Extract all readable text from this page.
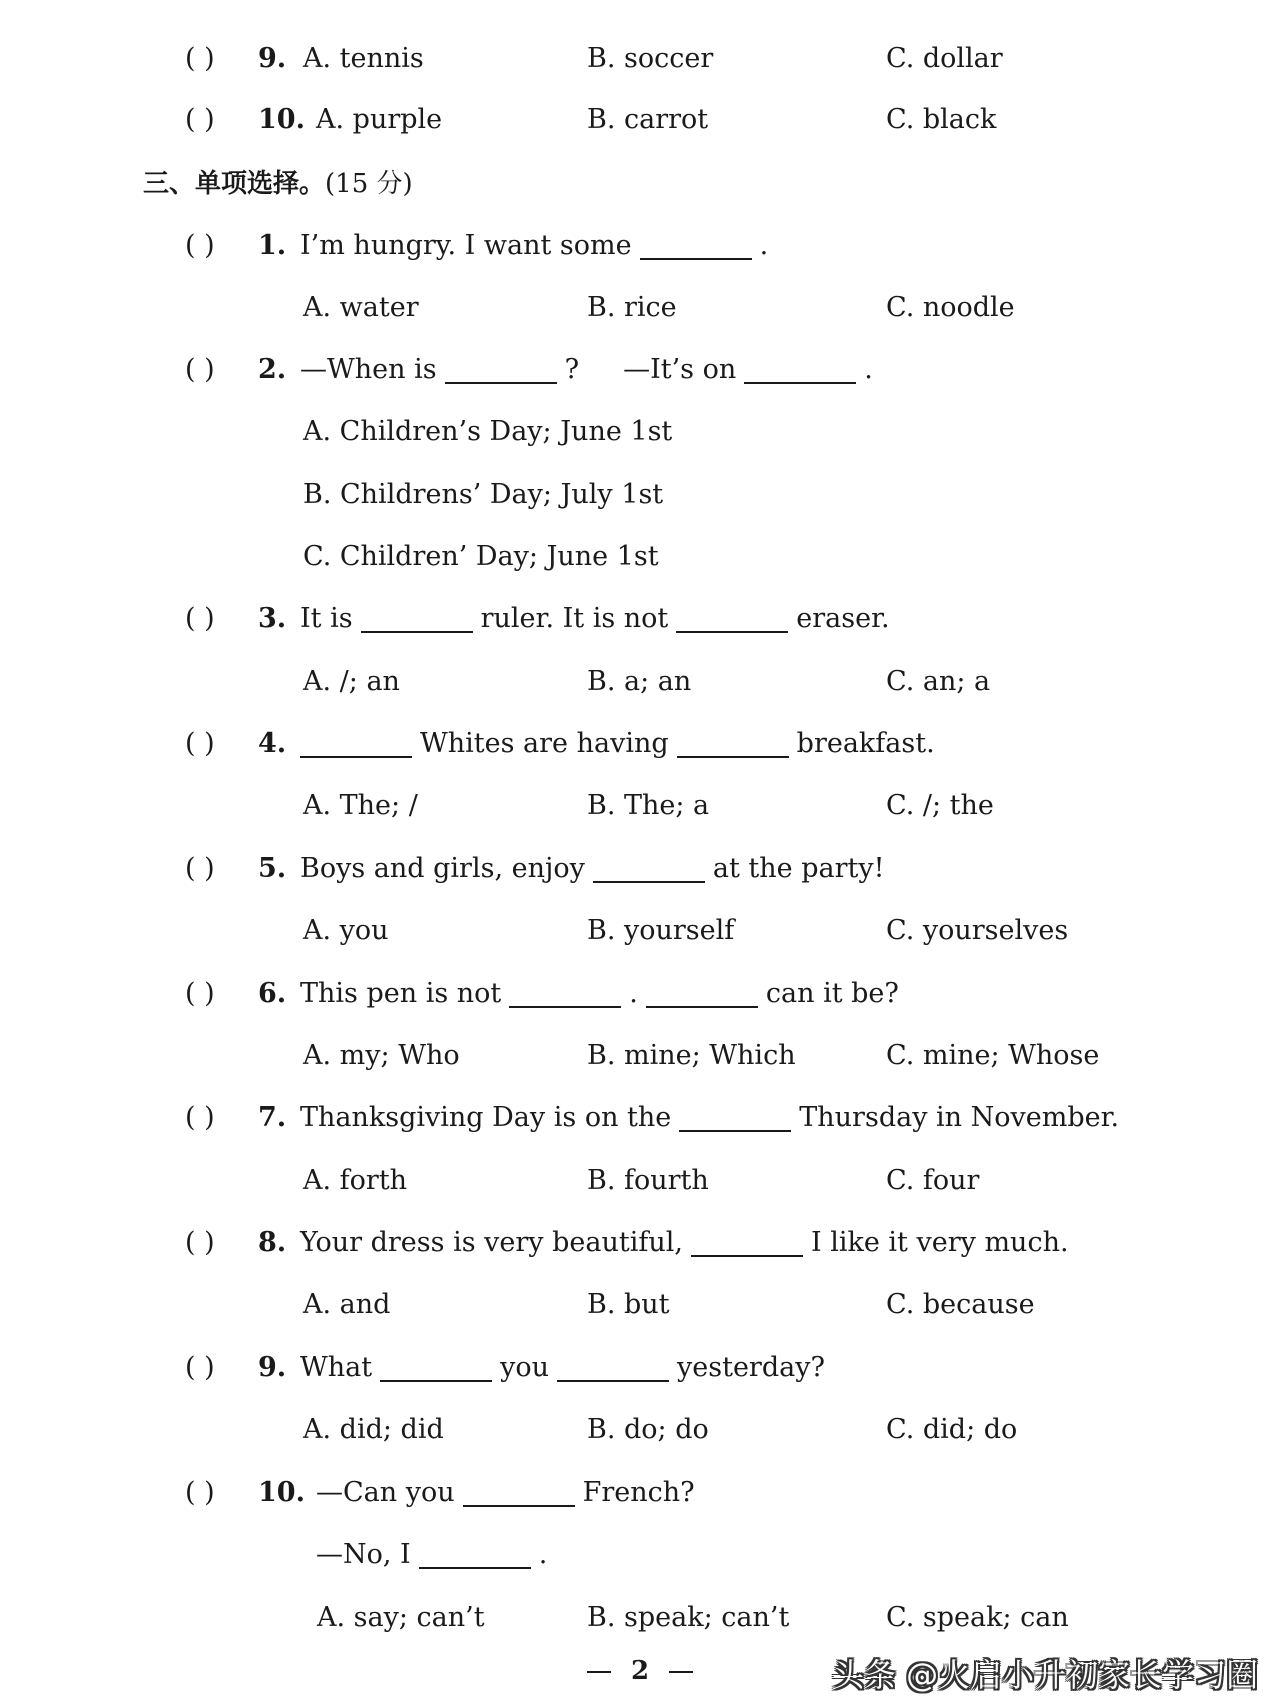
( ) 9. A. tennis	B. soccer	C. dollar
( ) 10. A. purple	B. carrot	C. black
三、单项选择。(15 分)
( ) 1. I’m hungry. I want some	.
A. water	B. rice	C. noodle
( ) 2. —When is	? —It’s on	.
A. Children’s Day; June 1st
B. Childrens’ Day; July 1st
C. Children’ Day; June 1st
( ) 3. It is	ruler. It is not	eraser.
A. /; an	B. a; an	C. an; a
( ) 4.	Whites are having	breakfast.
A. The; /	B. The; a	C. /; the
( ) 5. Boys and girls, enjoy	at the party!
A. you	B. yourself	C. yourselves
( ) 6. This pen is not	.	can it be?
A. my; Who	B. mine; Which	C. mine; Whose
( ) 7. Thanksgiving Day is on the	Thursday in November.
A. forth	B. fourth	C. four
( ) 8. Your dress is very beautiful,	I like it very much.
A. and	B. but	C. because
( ) 9. What	you	yesterday?
A. did; did	B. do; do	C. did; do
( ) 10. —Can you	French?
—No, I	.
A. say; can’t	B. speak; can’t	C. speak; can
2	头条 @火启小升初家长学习圈
